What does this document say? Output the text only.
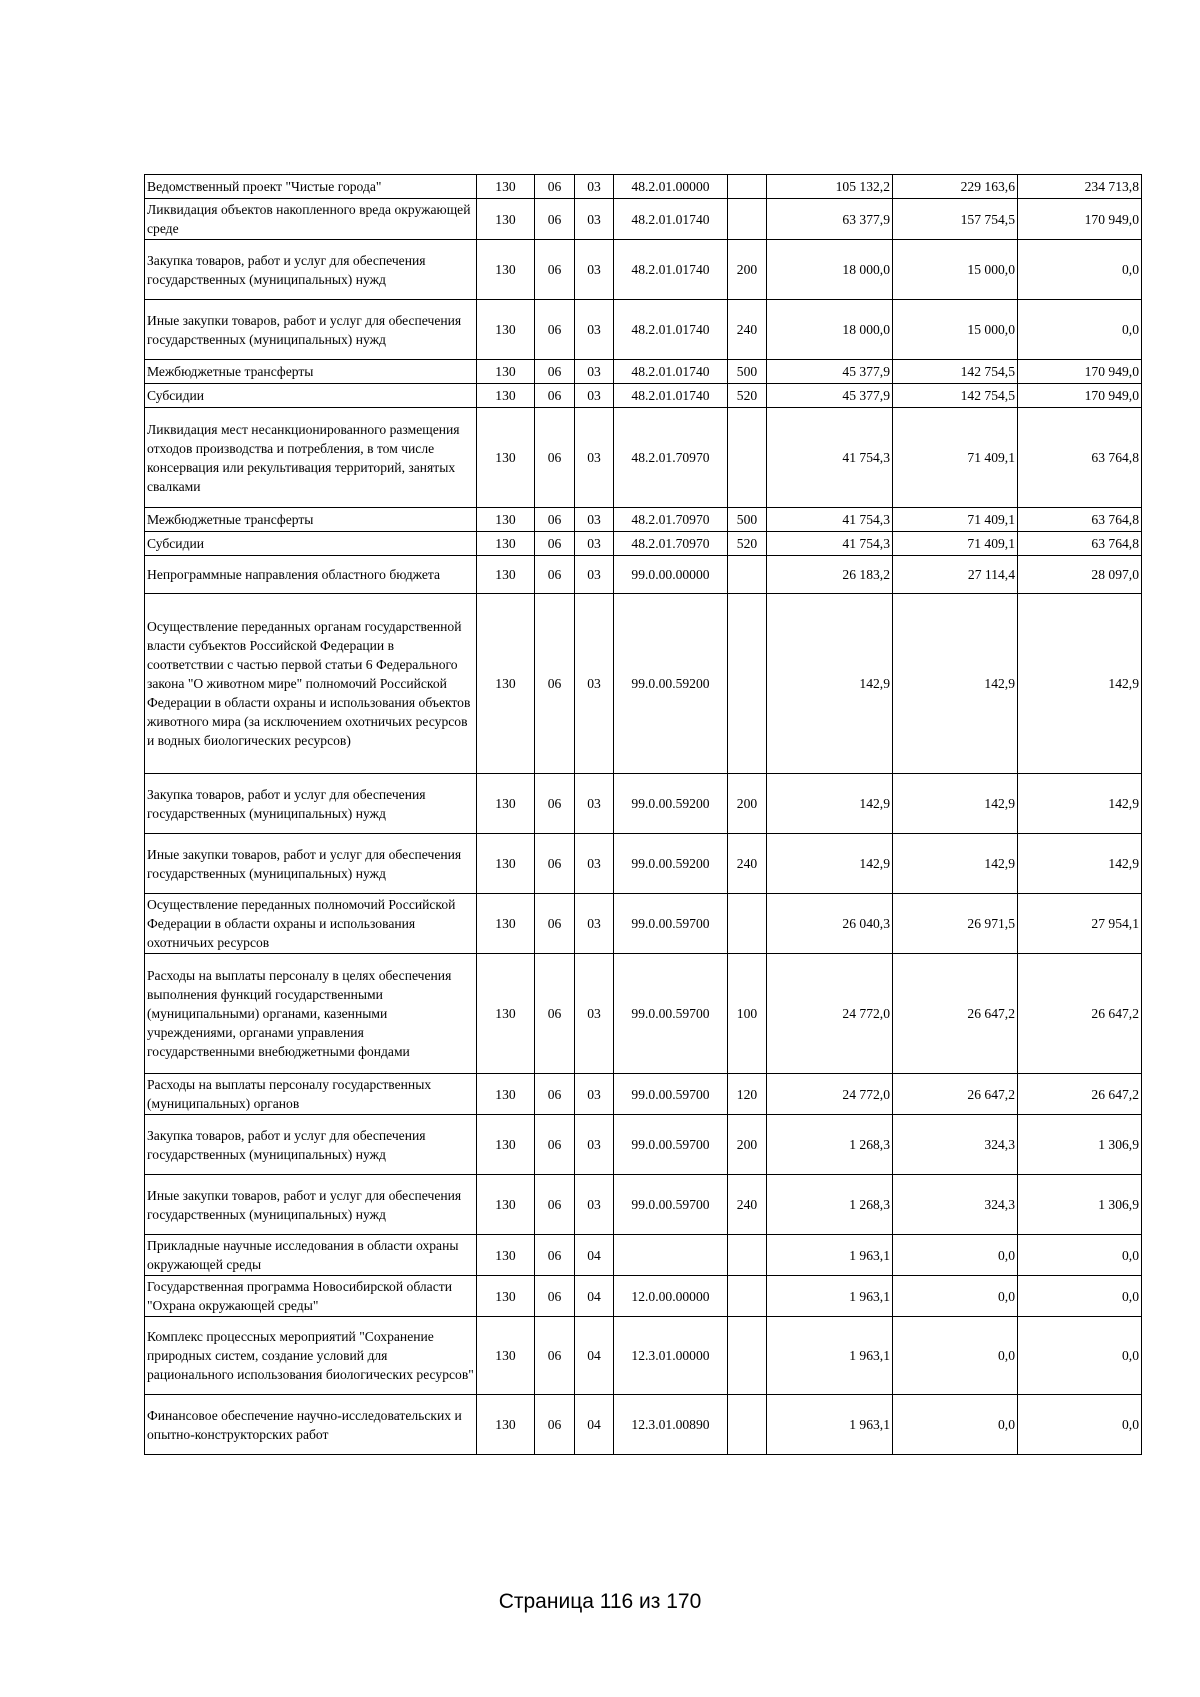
Ведомственный проект "Чистые города"	130	06	03	48.2.01.00000		105 132,2	229 163,6	234 713,8
Ликвидация объектов накопленного вреда окружающей среде	130	06	03	48.2.01.01740		63 377,9	157 754,5	170 949,0
Закупка товаров, работ и услуг для обеспечения государственных (муниципальных) нужд	130	06	03	48.2.01.01740	200	18 000,0	15 000,0	0,0
Иные закупки товаров, работ и услуг для обеспечения государственных (муниципальных) нужд	130	06	03	48.2.01.01740	240	18 000,0	15 000,0	0,0
Межбюджетные трансферты	130	06	03	48.2.01.01740	500	45 377,9	142 754,5	170 949,0
Субсидии	130	06	03	48.2.01.01740	520	45 377,9	142 754,5	170 949,0
Ликвидация мест несанкционированного размещения отходов производства и потребления, в том числе консервация или рекультивация территорий, занятых свалками	130	06	03	48.2.01.70970		41 754,3	71 409,1	63 764,8
Межбюджетные трансферты	130	06	03	48.2.01.70970	500	41 754,3	71 409,1	63 764,8
Субсидии	130	06	03	48.2.01.70970	520	41 754,3	71 409,1	63 764,8
Непрограммные направления областного бюджета	130	06	03	99.0.00.00000		26 183,2	27 114,4	28 097,0
Осуществление переданных органам государственной власти субъектов Российской Федерации в соответствии с частью первой статьи 6 Федерального закона "О животном мире" полномочий Российской Федерации в области охраны и использования объектов животного мира (за исключением охотничьих ресурсов и водных биологических ресурсов)	130	06	03	99.0.00.59200		142,9	142,9	142,9
Закупка товаров, работ и услуг для обеспечения государственных (муниципальных) нужд	130	06	03	99.0.00.59200	200	142,9	142,9	142,9
Иные закупки товаров, работ и услуг для обеспечения государственных (муниципальных) нужд	130	06	03	99.0.00.59200	240	142,9	142,9	142,9
Осуществление переданных полномочий Российской Федерации в области охраны и использования охотничьих ресурсов	130	06	03	99.0.00.59700		26 040,3	26 971,5	27 954,1
Расходы на выплаты персоналу в целях обеспечения выполнения функций государственными (муниципальными) органами, казенными учреждениями, органами управления государственными внебюджетными фондами	130	06	03	99.0.00.59700	100	24 772,0	26 647,2	26 647,2
Расходы на выплаты персоналу государственных (муниципальных) органов	130	06	03	99.0.00.59700	120	24 772,0	26 647,2	26 647,2
Закупка товаров, работ и услуг для обеспечения государственных (муниципальных) нужд	130	06	03	99.0.00.59700	200	1 268,3	324,3	1 306,9
Иные закупки товаров, работ и услуг для обеспечения государственных (муниципальных) нужд	130	06	03	99.0.00.59700	240	1 268,3	324,3	1 306,9
Прикладные научные исследования в области охраны окружающей среды	130	06	04			1 963,1	0,0	0,0
Государственная программа Новосибирской области "Охрана окружающей среды"	130	06	04	12.0.00.00000		1 963,1	0,0	0,0
Комплекс процессных мероприятий "Сохранение природных систем, создание условий для рационального использования биологических ресурсов"	130	06	04	12.3.01.00000		1 963,1	0,0	0,0
Финансовое обеспечение научно-исследовательских и опытно-конструкторских работ	130	06	04	12.3.01.00890		1 963,1	0,0	0,0
Страница 116 из 170
